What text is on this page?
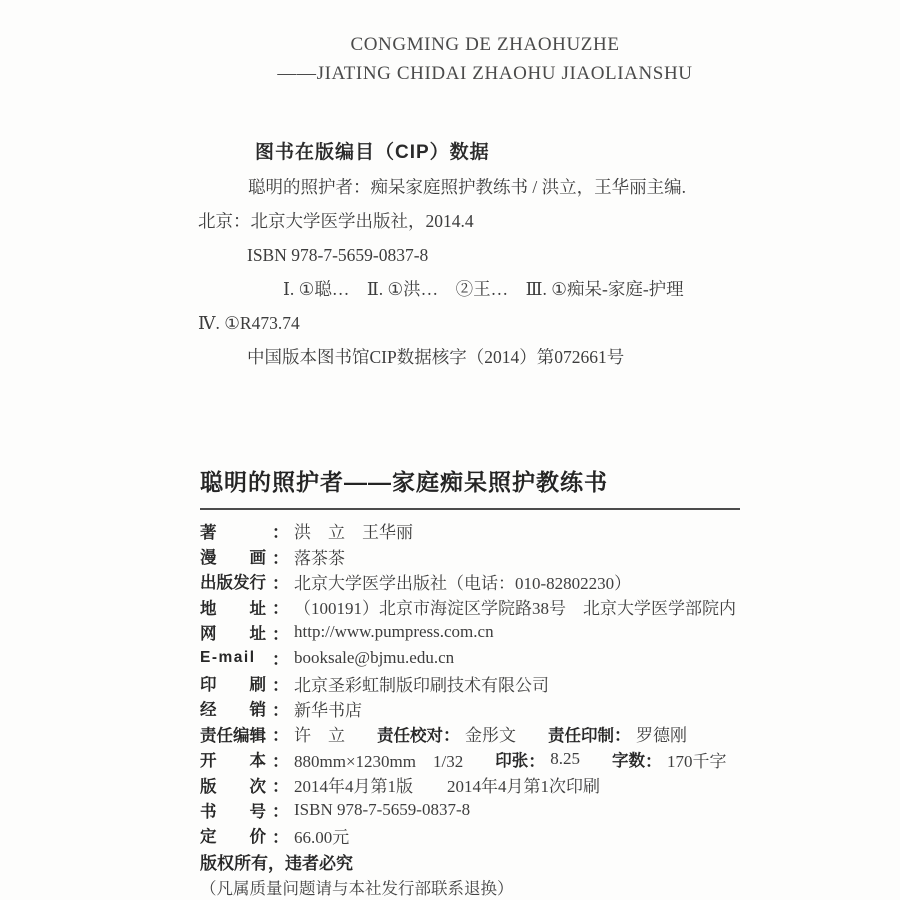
CONGMING DE ZHAOHUZHE
——JIATING CHIDAI ZHAOHU JIAOLIANSHU
图书在版编目（CIP）数据
聪明的照护者：痴呆家庭照护教练书 / 洪立，王华丽主编.
北京：北京大学医学出版社，2014.4
ISBN 978-7-5659-0837-8
Ⅰ. ①聪…　Ⅱ. ①洪…　②王…　Ⅲ. ①痴呆-家庭-护理
Ⅳ. ①R473.74
中国版本图书馆CIP数据核字（2014）第072661号
聪明的照护者——家庭痴呆照护教练书
著	： 洪　立　王华丽
漫　　画 ： 落茶茶
出版发行 ： 北京大学医学出版社（电话：010-82802230）
地　　址 ： （100191）北京市海淀区学院路38号　北京大学医学部院内
网　　址 ： http://www.pumpress.com.cn
E-mail ： booksale@bjmu.edu.cn
印　　刷 ： 北京圣彩虹制版印刷技术有限公司
经　　销 ： 新华书店
责任编辑 ： 许　立 责任校对 ： 金彤文 责任印制 ： 罗德刚
开　　本 ： 880mm×1230mm　1/32 印张 ： 8.25 字数 ： 170千字
版　　次 ： 2014年4月第1版　　2014年4月第1次印刷
书　　号 ： ISBN 978-7-5659-0837-8
定　　价 ： 66.00元
版权所有，违者必究
（凡属质量问题请与本社发行部联系退换）
